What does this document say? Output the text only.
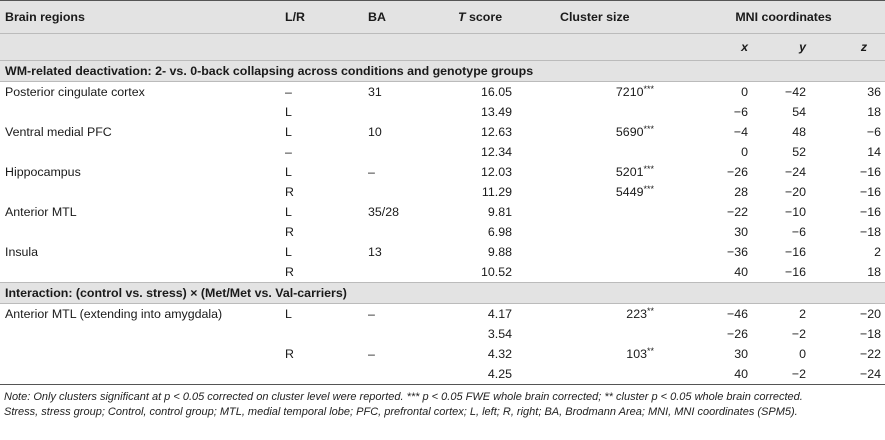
Brain regions	L/R	BA	T score	Cluster size	MNI coordinates		
					x	y	z
WM-related deactivation: 2- vs. 0-back collapsing across conditions and genotype groups							
Posterior cingulate cortex	–	31	16.05	7210***	0	−42	36
	L		13.49		−6	54	18
Ventral medial PFC	L	10	12.63	5690***	−4	48	−6
	–		12.34		0	52	14
Hippocampus	L	–	12.03	5201***	−26	−24	−16
	R		11.29	5449***	28	−20	−16
Anterior MTL	L	35/28	9.81		−22	−10	−16
	R		6.98		30	−6	−18
Insula	L	13	9.88		−36	−16	2
	R		10.52		40	−16	18
Interaction: (control vs. stress) × (Met/Met vs. Val-carriers)							
Anterior MTL (extending into amygdala)	L	–	4.17	223**	−46	2	−20
			3.54		−26	−2	−18
	R	–	4.32	103**	30	0	−22
			4.25		40	−2	−24
Note: Only clusters significant at p < 0.05 corrected on cluster level were reported. *** p < 0.05 FWE whole brain corrected; ** cluster p < 0.05 whole brain corrected.
Stress, stress group; Control, control group; MTL, medial temporal lobe; PFC, prefrontal cortex; L, left; R, right; BA, Brodmann Area; MNI, MNI coordinates (SPM5).
